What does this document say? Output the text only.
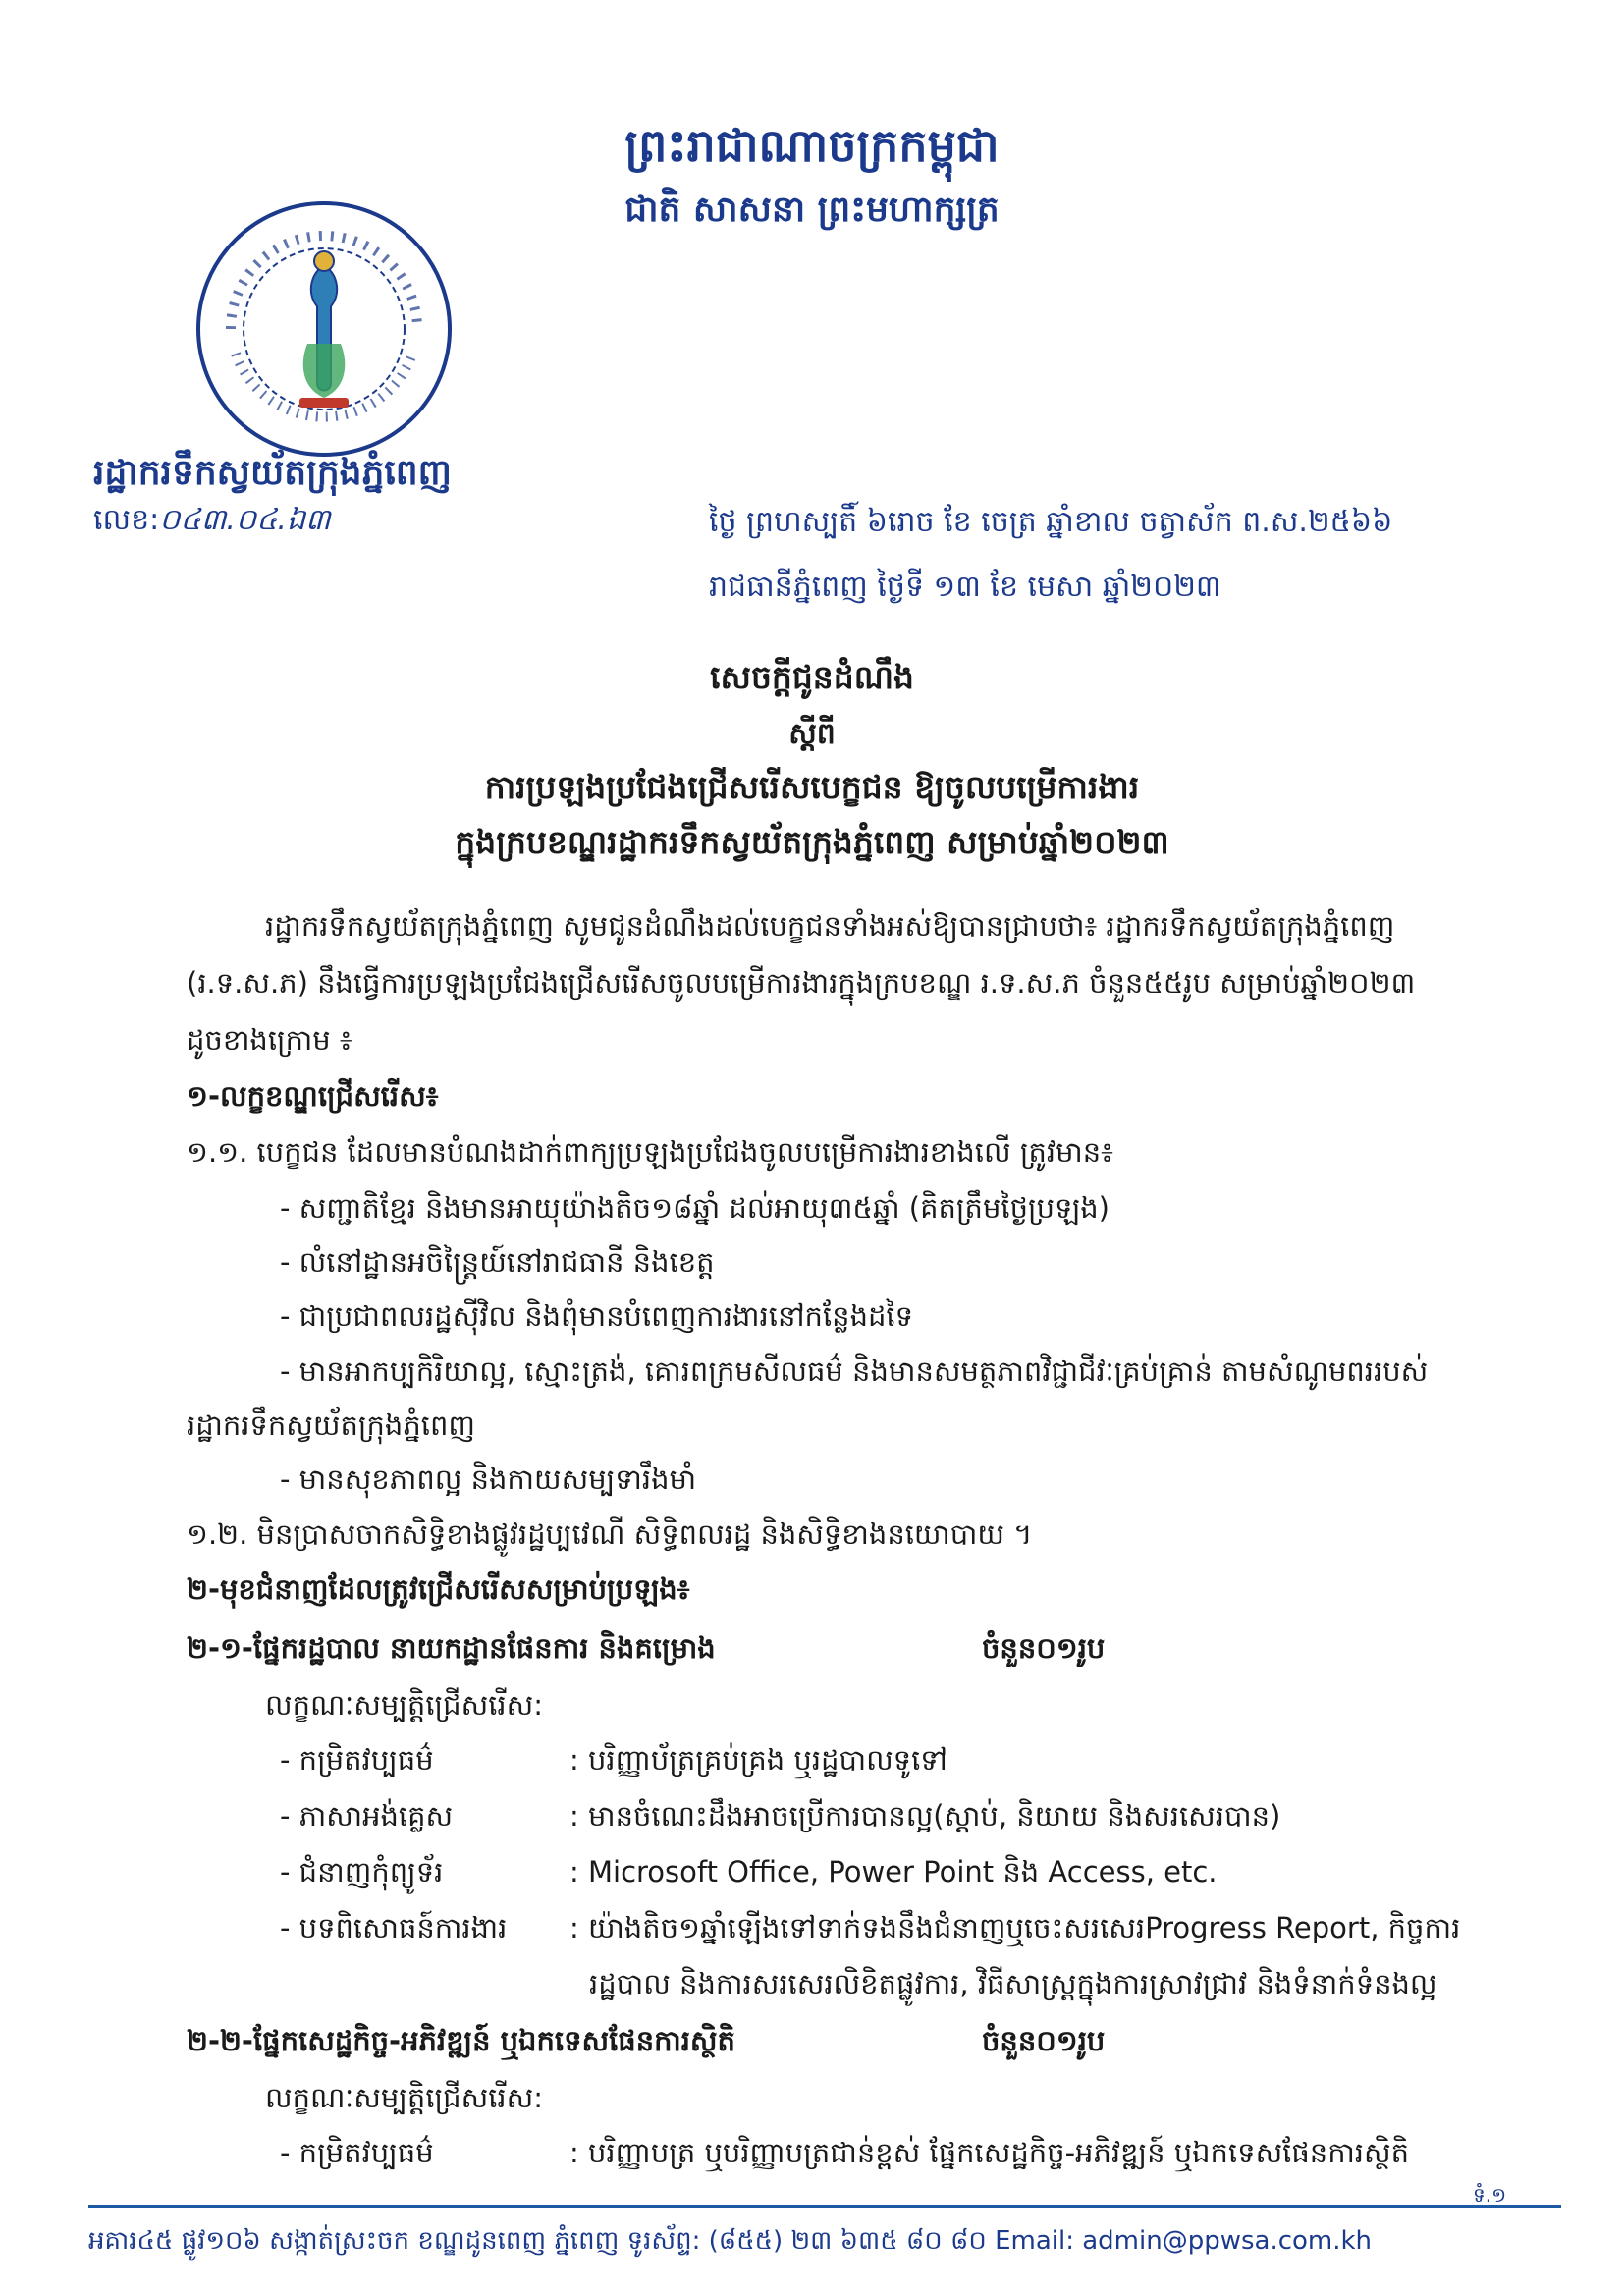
ព្រះរាជាណាចក្រកម្ពុជា
ជាតិ សាសនា ព្រះមហាក្សត្រ
រដ្ឋាករទឹកស្វយ័តក្រុងភ្នំពេញ
លេខ:០៤៣.០៤.ឯ៣	ថ្ងៃ ព្រហស្បតិ៍ ៦រោច ខែ ចេត្រ ឆ្នាំខាល ចត្វាស័ក ព.ស.២៥៦៦
រាជធានីភ្នំពេញ ថ្ងៃទី ១៣ ខែ មេសា ឆ្នាំ២០២៣
សេចក្តីជូនដំណឹង
ស្តីពី
ការប្រឡងប្រជែងជ្រើសរើសបេក្ខជន ឱ្យចូលបម្រើការងារ
ក្នុងក្របខណ្ឌរដ្ឋាករទឹកស្វយ័តក្រុងភ្នំពេញ សម្រាប់ឆ្នាំ២០២៣
រដ្ឋាករទឹកស្វយ័តក្រុងភ្នំពេញ សូមជូនដំណឹងដល់បេក្ខជនទាំងអស់ឱ្យបានជ្រាបថា៖ រដ្ឋាករទឹកស្វយ័តក្រុងភ្នំពេញ
(រ.ទ.ស.ភ) នឹងធ្វើការប្រឡងប្រជែងជ្រើសរើសចូលបម្រើការងារក្នុងក្របខណ្ឌ រ.ទ.ស.ភ ចំនួន៥៥រូប សម្រាប់ឆ្នាំ២០២៣
ដូចខាងក្រោម ៖
១-លក្ខខណ្ឌជ្រើសរើស៖
១.១. បេក្ខជន ដែលមានបំណងដាក់ពាក្យប្រឡងប្រជែងចូលបម្រើការងារខាងលើ ត្រូវមាន៖
- សញ្ជាតិខ្មែរ និងមានអាយុយ៉ាងតិច១៨ឆ្នាំ ដល់អាយុ៣៥ឆ្នាំ (គិតត្រឹមថ្ងៃប្រឡង)
- លំនៅដ្ឋានអចិន្ត្រៃយ៍នៅរាជធានី និងខេត្ត
- ជាប្រជាពលរដ្ឋស៊ីវិល និងពុំមានបំពេញការងារនៅកន្លែងដទៃ
- មានអាកប្បកិរិយាល្អ, ស្មោះត្រង់, គោរពក្រមសីលធម៌ និងមានសមត្ថភាពវិជ្ជាជីវៈគ្រប់គ្រាន់ តាមសំណូមពររបស់
រដ្ឋាករទឹកស្វយ័តក្រុងភ្នំពេញ
- មានសុខភាពល្អ និងកាយសម្បទារឹងមាំ
១.២. មិនប្រាសចាកសិទ្ធិខាងផ្លូវរដ្ឋប្បវេណី សិទ្ធិពលរដ្ឋ និងសិទ្ធិខាងនយោបាយ ។
២-មុខជំនាញដែលត្រូវជ្រើសរើសសម្រាប់ប្រឡង៖
២-១-ផ្នែករដ្ឋបាល នាយកដ្ឋានផែនការ និងគម្រោង	ចំនួន០១រូប
លក្ខណៈសម្បត្តិជ្រើសរើស:
- កម្រិតវប្បធម៌	: បរិញ្ញាប័ត្រគ្រប់គ្រង ឬរដ្ឋបាលទូទៅ
- ភាសាអង់គ្លេស	: មានចំណេះដឹងអាចប្រើការបានល្អ(ស្តាប់, និយាយ និងសរសេរបាន)
- ជំនាញកុំព្យូទ័រ	: Microsoft Office, Power Point និង Access, etc.
- បទពិសោធន៍ការងារ : យ៉ាងតិច១ឆ្នាំឡើងទៅទាក់ទងនឹងជំនាញឬចេះសរសេរProgress Report, កិច្ចការ
រដ្ឋបាល និងការសរសេរលិខិតផ្លូវការ, វិធីសាស្ត្រក្នុងការស្រាវជ្រាវ និងទំនាក់ទំនងល្អ
២-២-ផ្នែកសេដ្ឋកិច្ច-អភិវឌ្ឍន៍ ឬឯកទេសផែនការស្ថិតិ	ចំនួន០១រូប
លក្ខណៈសម្បត្តិជ្រើសរើស:
- កម្រិតវប្បធម៌	: បរិញ្ញាបត្រ ឬបរិញ្ញាបត្រជាន់ខ្ពស់ ផ្នែកសេដ្ឋកិច្ច-អភិវឌ្ឍន៍ ឬឯកទេសផែនការស្ថិតិ
ទំ.១
អគារ៤៥ ផ្លូវ១០៦ សង្កាត់ស្រះចក ខណ្ឌដូនពេញ ភ្នំពេញ ទូរស័ព្ទ: (៨៥៥) ២៣ ៦៣៥ ៨០ ៨០ Email: admin@ppwsa.com.kh
